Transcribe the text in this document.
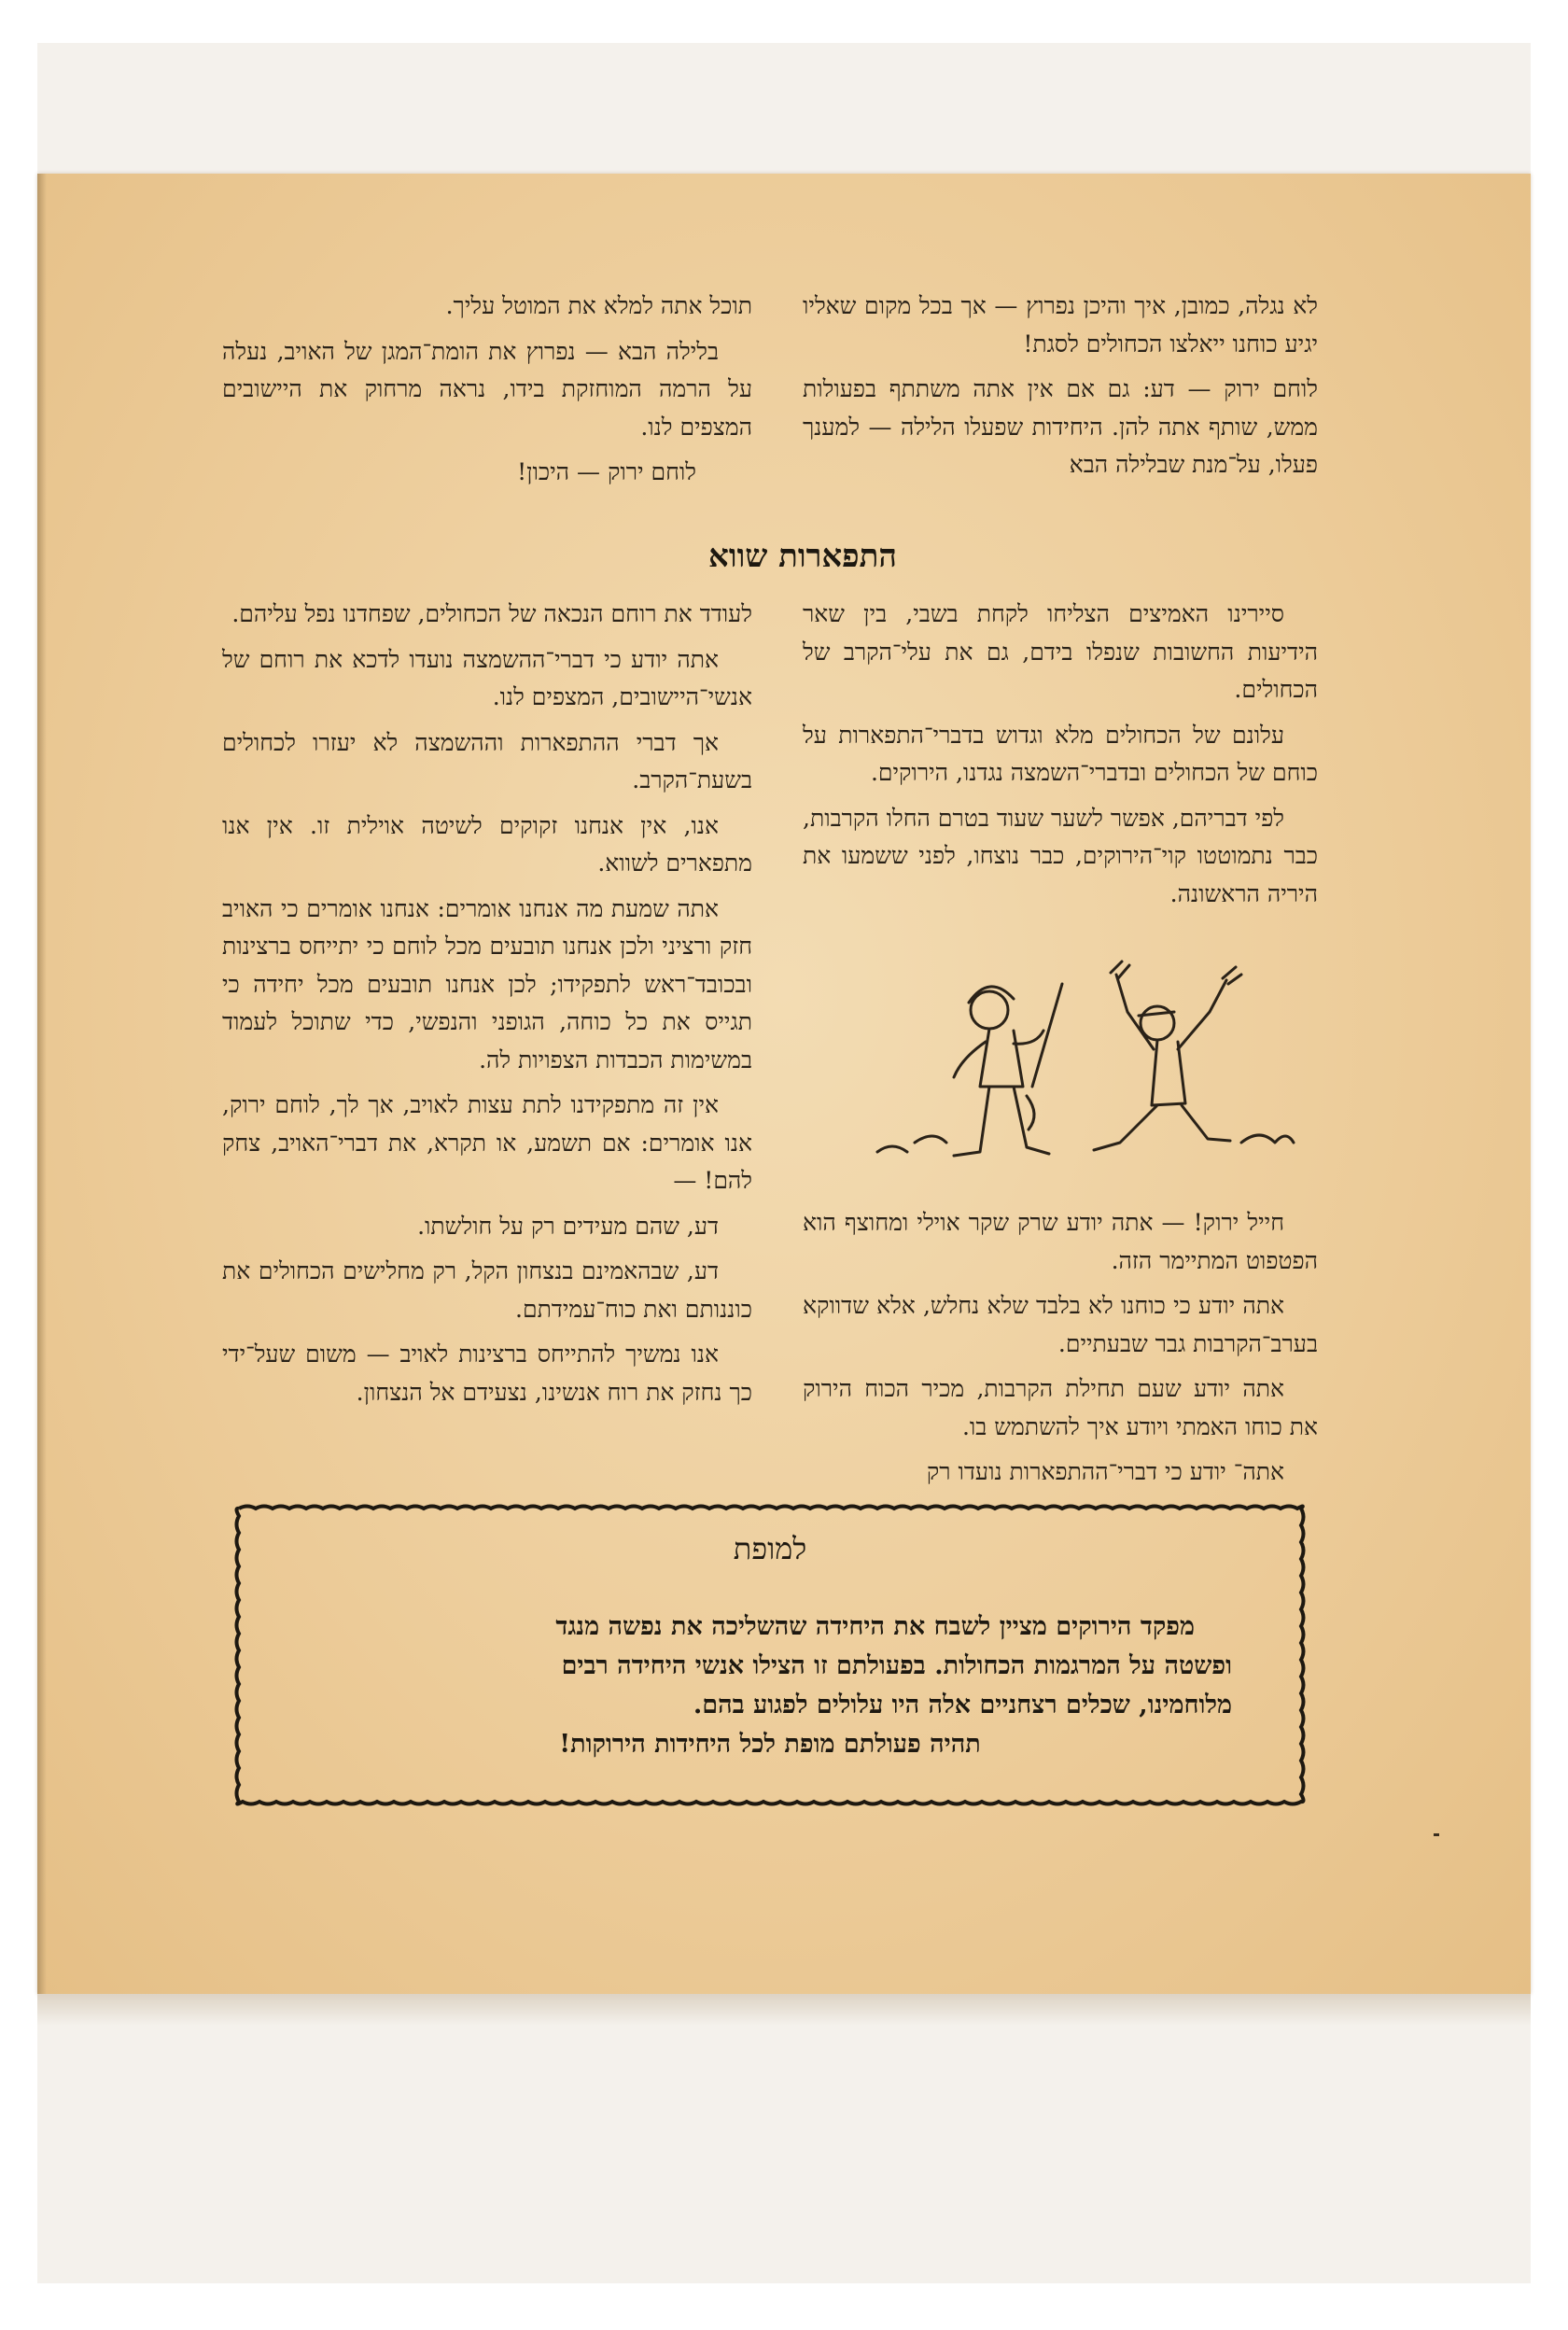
לא נגלה, כמובן, איך והיכן נפרוץ — אך בכל מקום שאליו יגיע כוחנו ייאלצו הכחולים לסגת!

לוחם ירוק — דע: גם אם אין אתה משתתף בפעולות ממש, שותף אתה להן. היחידות שפעלו הלילה — למענך פעלו, על־מנת שבלילה הבא

תוכל אתה למלא את המוטל עליך.

בלילה הבא — נפרוץ את הומת־המגן של האויב, נעלה על הרמה המוחזקת בידו, נראה מרחוק את היישובים המצפים לנו.

לוחם ירוק — היכון!

התפארות שווא

סיירינו האמיצים הצליחו לקחת בשבי, בין שאר הידיעות החשובות שנפלו בידם, גם את עלי־הקרב של הכחולים.

עלונם של הכחולים מלא וגדוש בדברי־התפארות על כוחם של הכחולים ובדברי־השמצה נגדנו, הירוקים.

לפי דבריהם, אפשר לשער שעוד בטרם החלו הקרבות, כבר נתמוטטו קוי־הירוקים, כבר נוצחו, לפני ששמעו את היריה הראשונה.

חייל ירוק! — אתה יודע שרק שקר אוילי ומחוצף הוא הפטפוט המתיימר הזה.

אתה יודע כי כוחנו לא בלבד שלא נחלש, אלא שדווקא בערב־הקרבות גבר שבעתיים.

אתה יודע שעם תחילת הקרבות, מכיר הכוח הירוק את כוחו האמתי ויודע איך להשתמש בו.

אתה־ יודע כי דברי־ההתפארות נועדו רק

לעודד את רוחם הנכאה של הכחולים, שפחדנו נפל עליהם.

אתה יודע כי דברי־ההשמצה נועדו לדכא את רוחם של אנשי־היישובים, המצפים לנו.

אך דברי ההתפארות וההשמצה לא יעזרו לכחולים בשעת־הקרב.

אנו, אין אנחנו זקוקים לשיטה אוילית זו. אין אנו מתפארים לשווא.

אתה שמעת מה אנחנו אומרים: אנחנו אומרים כי האויב חזק ורציני ולכן אנחנו תובעים מכל לוחם כי יתייחס ברצינות ובכובד־ראש לתפקידו; לכן אנחנו תובעים מכל יחידה כי תגייס את כל כוחה, הגופני והנפשי, כדי שתוכל לעמוד במשימות הכבדות הצפויות לה.

אין זה מתפקידנו לתת עצות לאויב, אך לך, לוחם ירוק, אנו אומרים: אם תשמע, או תקרא, את דברי־האויב, צחק להם! —

דע, שהם מעידים רק על חולשתו.

דע, שבהאמינם בנצחון הקל, רק מחלישים הכחולים את כוננותם ואת כוח־עמידתם.

אנו נמשיך להתייחס ברצינות לאויב — משום שעל־ידי כך נחזק את רוח אנשינו, נצעידם אל הנצחון.

למופת

מפקד הירוקים מציין לשבח את היחידה שהשליכה את נפשה מנגד

ופשטה על המרגמות הכחולות. בפעולתם זו הצילו אנשי היחידה רבים

מלוחמינו, שכלים רצחניים אלה היו עלולים לפגוע בהם.

תהיה פעולתם מופת לכל היחידות הירוקות!
